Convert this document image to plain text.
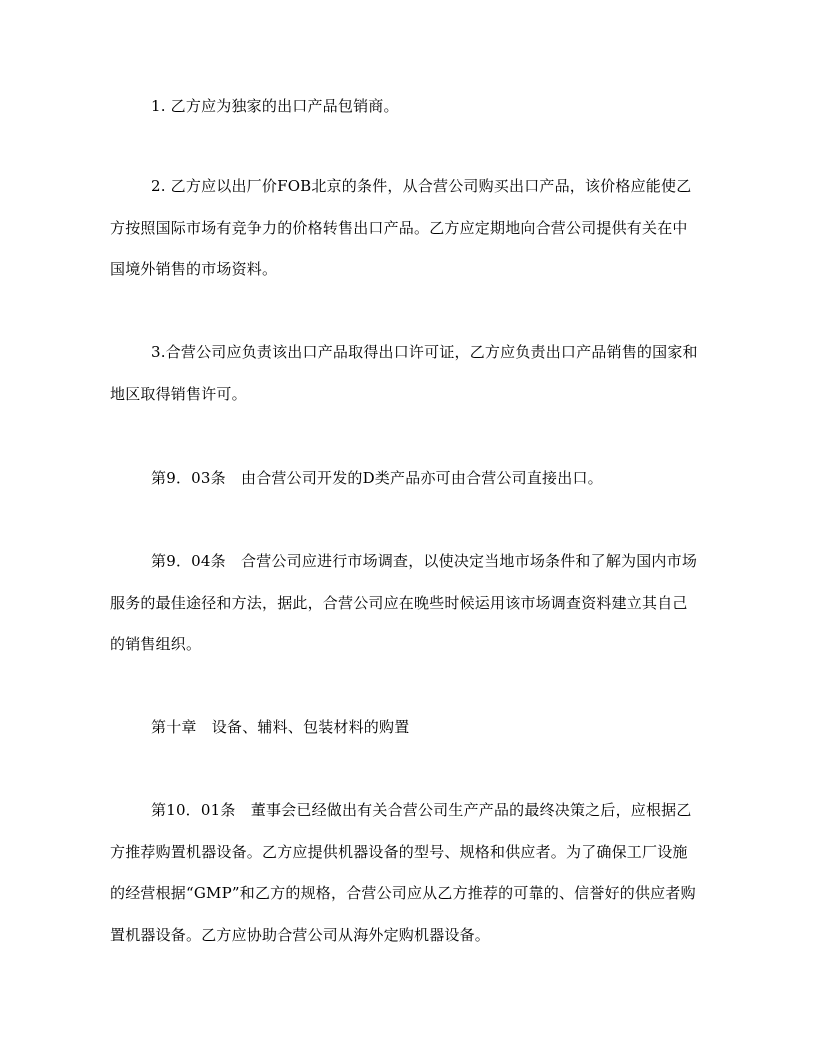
1. 乙方应为独家的出口产品包销商。

2. 乙方应以出厂价FOB北京的条件，从合营公司购买出口产品，该价格应能使乙方按照国际市场有竞争力的价格转售出口产品。乙方应定期地向合营公司提供有关在中国境外销售的市场资料。

3.合营公司应负责该出口产品取得出口许可证，乙方应负责出口产品销售的国家和地区取得销售许可。

第9．03条　由合营公司开发的D类产品亦可由合营公司直接出口。

第9．04条　合营公司应进行市场调查，以使决定当地市场条件和了解为国内市场服务的最佳途径和方法，据此，合营公司应在晚些时候运用该市场调查资料建立其自己的销售组织。

第十章　设备、辅料、包装材料的购置

第10．01条　董事会已经做出有关合营公司生产产品的最终决策之后，应根据乙方推荐购置机器设备。乙方应提供机器设备的型号、规格和供应者。为了确保工厂设施的经营根据“GMP”和乙方的规格，合营公司应从乙方推荐的可靠的、信誉好的供应者购置机器设备。乙方应协助合营公司从海外定购机器设备。
